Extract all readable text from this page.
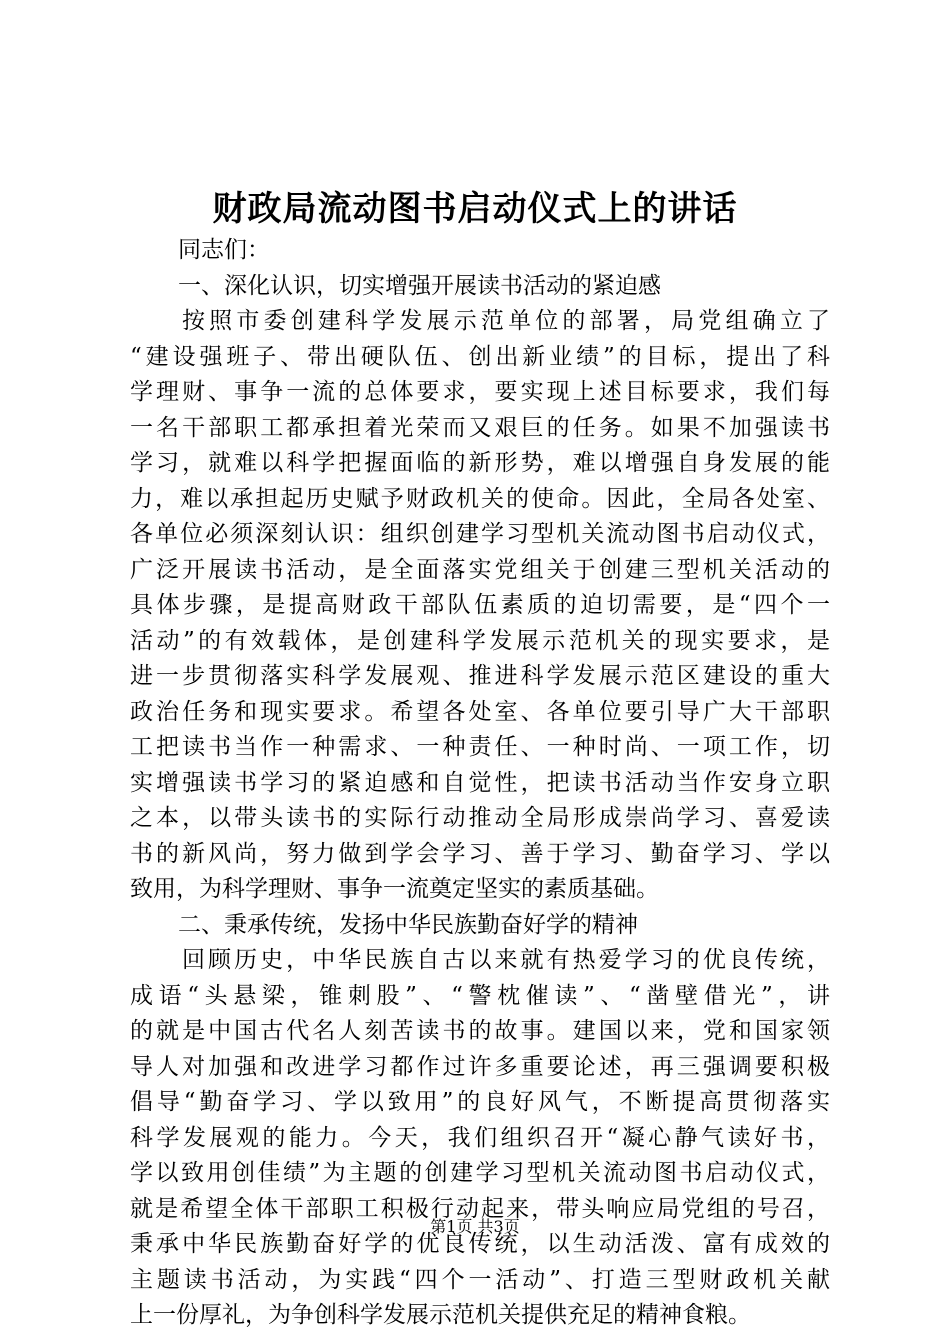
财政局流动图书启动仪式上的讲话
同志们：
一、深化认识，切实增强开展读书活动的紧迫感
按照市委创建科学发展示范单位的部署，局党组确立了
“建设强班子、带出硬队伍、创出新业绩”的目标，提出了科
学理财、事争一流的总体要求，要实现上述目标要求，我们每
一名干部职工都承担着光荣而又艰巨的任务。如果不加强读书
学习，就难以科学把握面临的新形势，难以增强自身发展的能
力，难以承担起历史赋予财政机关的使命。因此，全局各处室、
各单位必须深刻认识：组织创建学习型机关流动图书启动仪式，
广泛开展读书活动，是全面落实党组关于创建三型机关活动的
具体步骤，是提高财政干部队伍素质的迫切需要，是“四个一
活动”的有效载体，是创建科学发展示范机关的现实要求，是
进一步贯彻落实科学发展观、推进科学发展示范区建设的重大
政治任务和现实要求。希望各处室、各单位要引导广大干部职
工把读书当作一种需求、一种责任、一种时尚、一项工作，切
实增强读书学习的紧迫感和自觉性，把读书活动当作安身立职
之本，以带头读书的实际行动推动全局形成崇尚学习、喜爱读
书的新风尚，努力做到学会学习、善于学习、勤奋学习、学以
致用，为科学理财、事争一流奠定坚实的素质基础。
二、秉承传统，发扬中华民族勤奋好学的精神
回顾历史，中华民族自古以来就有热爱学习的优良传统，
成语“头悬梁，锥刺股”、“警枕催读”、“凿壁借光”，讲
的就是中国古代名人刻苦读书的故事。建国以来，党和国家领
导人对加强和改进学习都作过许多重要论述，再三强调要积极
倡导“勤奋学习、学以致用”的良好风气，不断提高贯彻落实
科学发展观的能力。今天，我们组织召开“凝心静气读好书，
学以致用创佳绩”为主题的创建学习型机关流动图书启动仪式，
就是希望全体干部职工积极行动起来，带头响应局党组的号召，
秉承中华民族勤奋好学的优良传统，以生动活泼、富有成效的
主题读书活动，为实践“四个一活动”、打造三型财政机关献
上一份厚礼，为争创科学发展示范机关提供充足的精神食粮。
第1页 共3页
